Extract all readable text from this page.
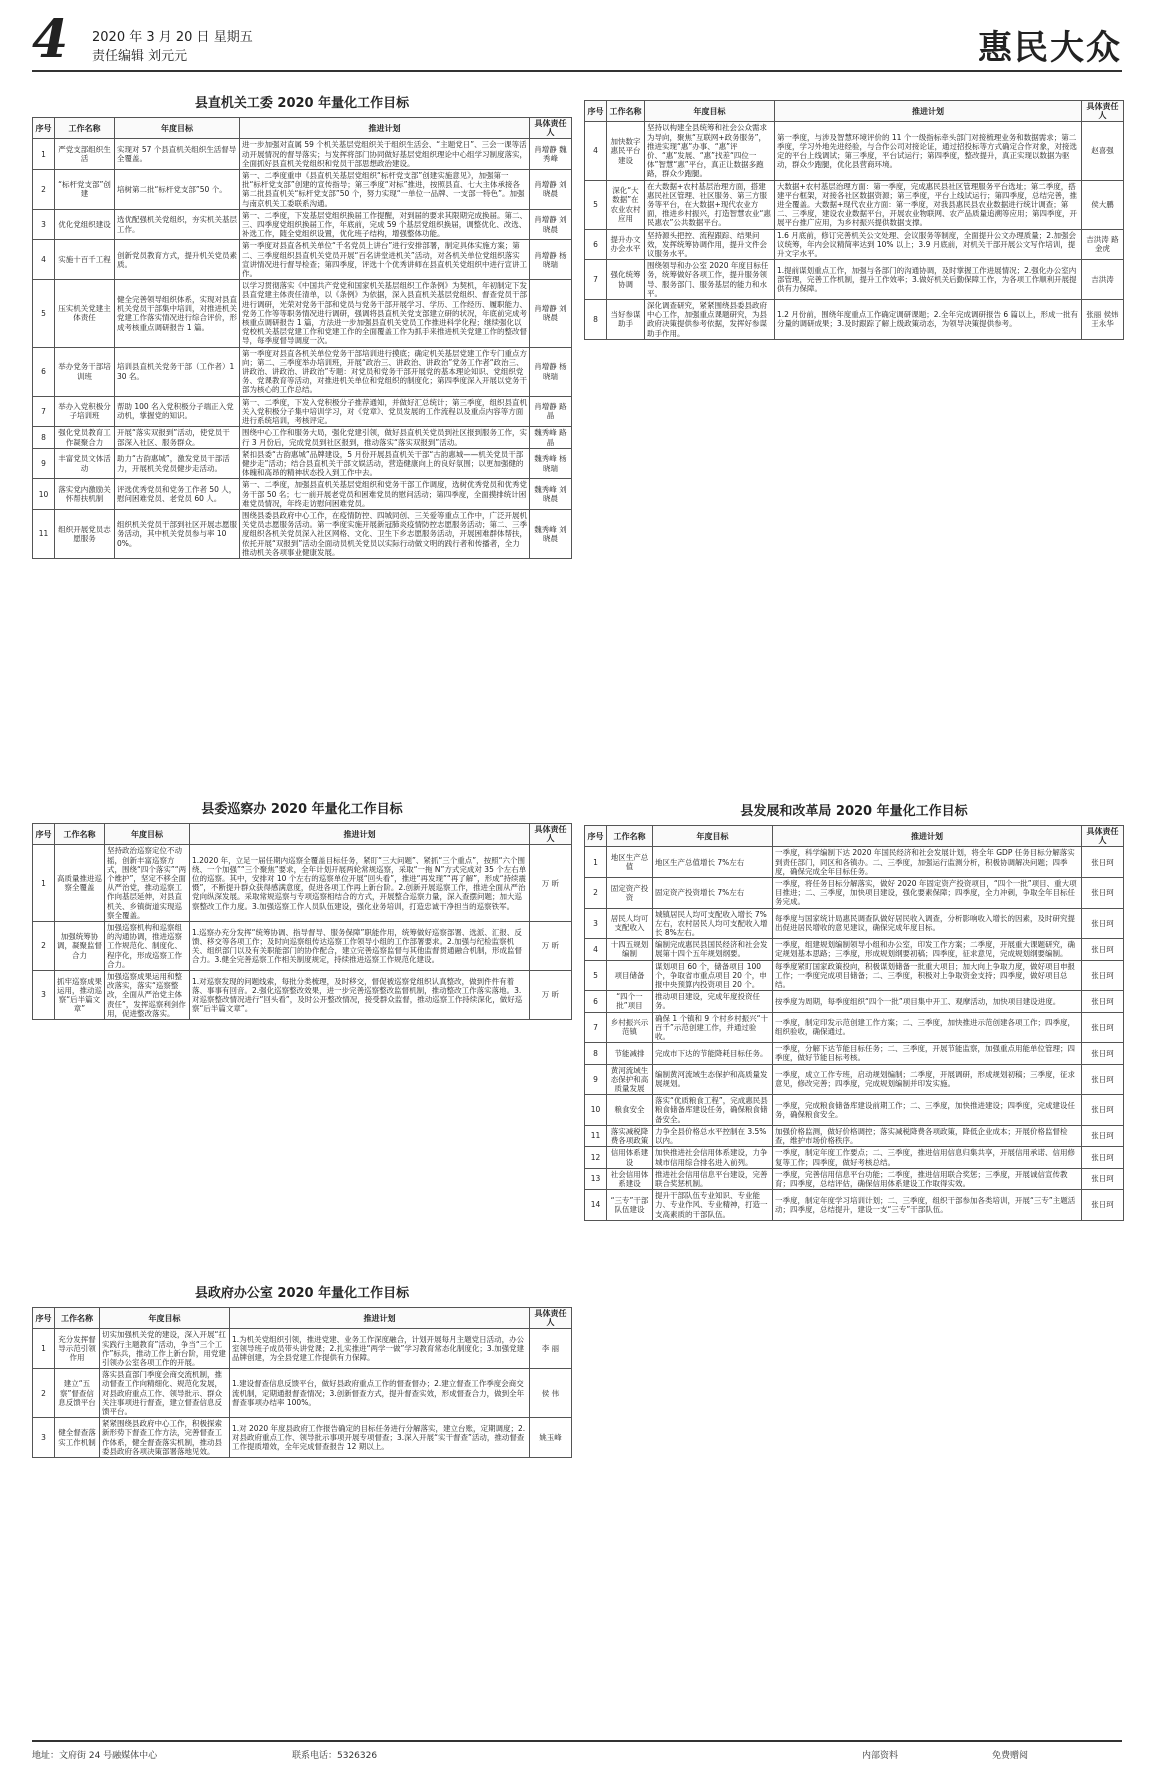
4 2020 年 3 月 20 日 星期五
责任编辑 刘元元	惠民大众
县直机关工委 2020 年量化工作目标
序号	工作名称	年度目标	推进计划	具体责任人
1	严党支部组织生活	实现对 57 个县直机关组织生活督导全覆盖。	进一步加强对直属 59 个机关基层党组织关于组织生活会、“主题党日”、三会一课等活动开展情况的督导落实；与发挥将部门协同做好基层党组织理论中心组学习制度落实，全面抓好县直机关党组织和党员干部思想政治建设。	肖增静 魏秀峰
2	“标杆党支部”创建	培树第二批“标杆党支部”50 个。	第一、二季度重申《县直机关基层党组织“标杆党支部”创建实施意见》，加强第一批“标杆党支部”创建的宣传指导；第三季度“对标”推进，按照县直、七大主体承接各第二批县直机关“标杆党支部”50 个，努力实现“一单位一品牌、一支部一特色”。加强与南京机关工委联系沟通。	肖增静 刘晓晨
3	优化党组织建设	选优配强机关党组织，夯实机关基层工作。	第一、二季度，下发基层党组织换届工作提醒，对到届的要求其限期完成换届。第二、三、四季度党组织换届工作，年底前，完成 59 个基层党组织换届，调整优化、改选、补选工作，随全党组织设置，优化班子结构，增强整体功能。	肖增静 刘晓晨
4	实施十百千工程	创新党员教育方式，提升机关党员素质。	第一季度对县直各机关单位“千名党员上讲台”进行安排部署，制定具体实施方案；第二、三季度组织县直机关党员开展“百名讲堂进机关”活动，对各机关单位党组织落实宣讲情况进行督导检查；第四季度，评选十个优秀讲师在县直机关党组织中进行宣讲工作。	肖增静 杨晓瑞
5	压实机关党建主体责任	健全完善领导组织体系，实现对县直机关党员干部集中培训，对推进机关党建工作落实情况进行综合评价，形成考核重点调研报告 1 篇。	以学习贯彻落实《中国共产党党和国家机关基层组织工作条例》为契机，年初制定下发县直党建主体责任清单，以《条例》为依据，深入县直机关基层党组织、督查党员干部进行调研，光荣对党务干部和党员与党务干部开展学习、学历、工作经历、履职能力、党务工作等等职务情况进行调研，强调将县直机关党支部建立研的状况，年底前完成考核重点调研报告 1 篇，方法进一步加强县直机关党员工作推进科学化程；继续强化以党校机关基层党建工作和党建工作的全面覆盖工作为抓手来推进机关党建工作的整改督导，每季度督导调度一次。	肖增静 刘晓晨
6	举办党务干部培训班	培训县直机关党务干部（工作者）130 名。	第一季度对县直各机关单位党务干部培训进行摸底；确定机关基层党建工作专门重点方向；第二、三季度举办培训班，开展“政治三、讲政治、讲政治”党务工作者“政治三、讲政治、讲政治、讲政治”专题：对党员和党务干部开展党的基本理论知识、党组织党务、党课教育等活动，对推进机关单位和党组织的制度化；第四季度深入开展以党务干部为核心的工作总结。	肖增静 杨晓瑞
7	举办入党积极分子培训班	帮助 100 名入党积极分子端正入党动机，掌握党的知识。	第一、二季度，下发入党积极分子推荐通知，并做好汇总统计；第三季度，组织县直机关入党积极分子集中培训学习，对《党章》、党员发展的工作流程以及重点内容等方面进行系统培训，考核评定。	肖增静 路晶
8	强化党员教育工作凝聚合力	开展“落实双报到”活动，使党员干部深入社区、服务群众。	围绕中心工作和服务大局，强化党建引领，做好县直机关党员到社区报到服务工作，实行 3 月份后，完成党员到社区报到，推动落实“落实双报到”活动。	魏秀峰 路晶
9	丰富党员文体活动	助力“古韵惠城”，激发党员干部活力，开展机关党员健步走活动。	紧扣县委“古韵惠城”品牌建设，5 月份开展县直机关干部“古韵惠城——机关党员干部健步走”活动；结合县直机关干部文娱活动，营造健康向上的良好氛围；以更加强健的体魄和高昂的精神状态投入到工作中去。	魏秀峰 杨晓瑞
10	落实党内激励关怀帮扶机制	评选优秀党员和党务工作者 50 人，慰问困难党员、老党员 60 人。	第一、二季度，加强县直机关基层党组织和党务干部工作调度，选树优秀党员和优秀党务干部 50 名；七一前开展老党员和困难党员的慰问活动；第四季度，全面摸排统计困难党员情况，年终走访慰问困难党员。	魏秀峰 刘晓晨
11	组织开展党员志愿服务	组织机关党员干部到社区开展志愿服务活动，其中机关党员参与率 100%。	围绕县委县政府中心工作，在疫情防控、四城同创、三关爱等重点工作中，广泛开展机关党员志愿服务活动。第一季度实施开展新冠肺炎疫情防控志愿服务活动；第二、三季度组织各机关党员深入社区网格、文化、卫生下乡志愿服务活动，开展困难群体帮扶，依托开展“双报到”活动全面动员机关党员以实际行动做文明的践行者和传播者，全力推动机关各项事业健康发展。	魏秀峰 刘晓晨
县委巡察办 2020 年量化工作目标
序号	工作名称	年度目标	推进计划	具体责任人
1	高质量推进巡察全覆盖	坚持政治巡察定位不动摇，创新丰富巡察方式，围绕“四个落实”“两个维护”，坚定不移全面从严治党，推动巡察工作向基层延伸，对县直机关、乡镇街道实现巡察全覆盖。	1.2020 年，立足一届任期内巡察全覆盖目标任务，紧盯“三大问题”、紧抓“三个重点”，按照“六个围绕、一个加强”“三个聚焦”要求，全年计划开展两轮常规巡察，采取“一拖 N”方式完成对 35 个左右单位的巡察。其中，安排对 10 个左右的巡察单位开展“回头看”，推进“再发现”“再了解”，形成“持续震慑”，不断提升群众获得感满意度，促进各项工作再上新台阶。2.创新开展巡察工作，推进全面从严治党向纵深发展。采取常规巡察与专项巡察相结合的方式，开展整合巡察力量，深入查摆问题；加大巡察整改工作力度。3.加强巡察工作人员队伍建设，强化业务培训，打造忠诚干净担当的巡察铁军。	万 昕
2	加强统筹协调，凝聚监督合力	加强巡察机构和巡察组的沟通协调，推进巡察工作规范化、制度化、程序化，形成巡察工作合力。	1.巡察办充分发挥“统筹协调、指导督导、服务保障”职能作用，统筹做好巡察部署、选派、汇报、反馈、移交等各项工作；及时向巡察组传达巡察工作领导小组的工作部署要求。2.加强与纪检监察机关、组织部门以及有关职能部门的协作配合，建立完善巡察监督与其他监督贯通融合机制，形成监督合力。3.健全完善巡察工作相关制度规定，持续推进巡察工作规范化建设。	万 昕
3	抓牢巡察成果运用，推动巡察“后半篇文章”	加强巡察成果运用和整改落实，落实“巡察整改，全面从严治党主体责任”，发挥巡察利剑作用，促进整改落实。	1.对巡察发现的问题线索，每批分类梳理，及时移交，督促被巡察党组织认真整改，做到件件有着落、事事有回音。2.强化巡察整改效果，进一步完善巡察整改监督机制，推动整改工作落实落地。3.对巡察整改情况进行“回头看”，及时公开整改情况，接受群众监督，推动巡察工作持续深化，做好巡察“后半篇文章”。	万 昕
县政府办公室 2020 年量化工作目标
序号	工作名称	年度目标	推进计划	具体责任人
1	充分发挥督导示范引领作用	切实加强机关党的建设，深入开展“扛实践行主题教育”活动，争当“三个工作”标兵，推动工作上新台阶，用党建引领办公室各项工作的开展。	1.为机关党组织引领，推进党建、业务工作深度融合，计划开展每月主题党日活动，办公室领导班子成员带头讲党课；2.扎实推进“两学一做”学习教育常态化制度化；3.加强党建品牌创建，为全县党建工作提供有力保障。	李 丽
2	建立“五察”督查信息反馈平台	落实县直部门季度会商交流机制，推动督查工作向精细化、规范化发展，对县政府重点工作、领导批示、群众关注事项进行督查，建立督查信息反馈平台。	1.建设督查信息反馈平台，做好县政府重点工作的督查督办；2.建立督查工作季度会商交流机制，定期通报督查情况；3.创新督查方式，提升督查实效，形成督查合力，做到全年督查事项办结率 100%。	侯 伟
3	健全督查落实工作机制	紧紧围绕县政府中心工作，积极探索新形势下督查工作方法，完善督查工作体系，健全督查落实机制，推动县委县政府各项决策部署落地见效。	1.对 2020 年度县政府工作报告确定的目标任务进行分解落实，建立台账，定期调度；2.对县政府重点工作、领导批示事项开展专项督查；3.深入开展“实干督查”活动，推动督查工作提质增效，全年完成督查报告 12 期以上。	姚玉峰
序号	工作名称	年度目标	推进计划	具体责任人
4	加快数字惠民平台建设	坚持以构建全县统筹和社会公众需求为导向，聚焦“互联网+政务服务”，推进实现“惠”办事、“惠”评价、“惠”发展、“惠”找差“四位一体”智慧“惠”平台，真正让数据多跑路，群众少跑腿。	第一季度，与涉及智慧环境评价的 11 个一级指标牵头部门对接梳理业务和数据需求；第二季度，学习外地先进经验，与合作公司对接论证，通过招投标等方式确定合作对象，对接选定的平台上线调试；第三季度，平台试运行；第四季度，整改提升，真正实现以数据为驱动，群众少跑腿，优化县营商环境。	赵喜强
5	深化“大数据”在农业农村应用	在大数据+农村基层治理方面，搭建惠民社区管理、社区服务、第三方服务等平台，在大数据+现代农业方面，推进乡村振兴，打造智慧农业“惠民惠农”公共数据平台。	大数据+农村基层治理方面：第一季度，完成惠民县社区管理服务平台选址；第二季度，搭建平台框架，对接各社区数据资源；第三季度，平台上线试运行；第四季度，总结完善，推进全覆盖。大数据+现代农业方面：第一季度，对我县惠民县农业数据进行统计调查；第二、三季度，建设农业数据平台，开展农业物联网、农产品质量追溯等应用；第四季度，开展平台推广应用，为乡村振兴提供数据支撑。	侯大鹏
6	提升办文办会水平	坚持源头把控、流程跟踪、结果问效，发挥统筹协调作用，提升文件会议服务水平。	1.6 月底前，修订完善机关公文处理、会议服务等制度，全面提升公文办理质量；2.加强会议统筹，年内会议精简率达到 10% 以上；3.9 月底前，对机关干部开展公文写作培训，提升文字水平。	吉洪涛 路金虎
7	强化统筹协调	围绕领导和办公室 2020 年度目标任务，统筹做好各项工作，提升服务领导、服务部门、服务基层的能力和水平。	1.提前谋划重点工作，加强与各部门的沟通协调，及时掌握工作进展情况；2.强化办公室内部管理，完善工作机制，提升工作效率；3.做好机关后勤保障工作，为各项工作顺利开展提供有力保障。	吉洪涛
8	当好参谋助手	深化调查研究，紧紧围绕县委县政府中心工作，加强重点课题研究，为县政府决策提供参考依据，发挥好参谋助手作用。	1.2 月份前，围绕年度重点工作确定调研课题；2.全年完成调研报告 6 篇以上，形成一批有分量的调研成果；3.及时跟踪了解上级政策动态，为领导决策提供参考。	张丽 侯炜 王永华
县发展和改革局 2020 年量化工作目标
序号	工作名称	年度目标	推进计划	具体责任人
1	地区生产总值	地区生产总值增长 7%左右	一季度，科学编制下达 2020 年国民经济和社会发展计划，将全年 GDP 任务目标分解落实到责任部门，同区和各镇办。二、三季度，加强运行监测分析，积极协调解决问题；四季度，确保完成全年目标任务。	张日珂
2	固定资产投资	固定资产投资增长 7%左右	一季度，将任务目标分解落实，做好 2020 年固定资产投资项目，“四个一批”项目、重大项目推进；二、三季度，加快项目建设，强化要素保障；四季度，全力冲刺，争取全年目标任务完成。	张日珂
3	居民人均可支配收入	城镇居民人均可支配收入增长 7%左右，农村居民人均可支配收入增长 8%左右。	每季度与国家统计局惠民调查队做好居民收入调查，分析影响收入增长的因素，及时研究提出促进居民增收的意见建议，确保完成年度目标。	张日珂
4	十四五规划编制	编制完成惠民县国民经济和社会发展第十四个五年规划纲要。	一季度，组建规划编制领导小组和办公室，印发工作方案；二季度，开展重大课题研究，确定规划基本思路；三季度，形成规划纲要初稿；四季度，征求意见，完成规划纲要编制。	张日珂
5	项目储备	谋划项目 60 个，储备项目 100 个，争取省市重点项目 20 个，申报中央预算内投资项目 20 个。	每季度紧盯国家政策投向，积极谋划储备一批重大项目；加大向上争取力度，做好项目申报工作；一季度完成项目储备；二、三季度，积极对上争取资金支持；四季度，做好项目总结。	张日珂
6	“四个一批”项目	推动项目建设，完成年度投资任务。	按季度为周期，每季度组织“四个一批”项目集中开工、观摩活动，加快项目建设进度。	张日珂
7	乡村振兴示范镇	确保 1 个镇和 9 个村乡村振兴“十百千”示范创建工作，并通过验收。	一季度，制定印发示范创建工作方案；二、三季度，加快推进示范创建各项工作；四季度，组织验收，确保通过。	张日珂
8	节能减排	完成市下达的节能降耗目标任务。	一季度，分解下达节能目标任务；二、三季度，开展节能监察，加强重点用能单位管理；四季度，做好节能目标考核。	张日珂
9	黄河流域生态保护和高质量发展	编制黄河流域生态保护和高质量发展规划。	一季度，成立工作专班，启动规划编制；二季度，开展调研，形成规划初稿；三季度，征求意见，修改完善；四季度，完成规划编制并印发实施。	张日珂
10	粮食安全	落实“优质粮食工程”，完成惠民县粮食储备库建设任务，确保粮食储备安全。	一季度，完成粮食储备库建设前期工作；二、三季度，加快推进建设；四季度，完成建设任务，确保粮食安全。	张日珂
11	落实减税降费各项政策	力争全县价格总水平控制在 3.5%以内。	加强价格监测，做好价格调控；落实减税降费各项政策，降低企业成本；开展价格监督检查，维护市场价格秩序。	张日珂
12	信用体系建设	加快推进社会信用体系建设，力争城市信用综合排名进入前列。	一季度，制定年度工作要点；二、三季度，推进信用信息归集共享，开展信用承诺、信用修复等工作；四季度，做好考核总结。	张日珂
13	社会信用体系建设	推进社会信用信息平台建设，完善联合奖惩机制。	一季度，完善信用信息平台功能；二季度，推进信用联合奖惩；三季度，开展诚信宣传教育；四季度，总结评估，确保信用体系建设工作取得实效。	张日珂
14	“三专”干部队伍建设	提升干部队伍专业知识、专业能力、专业作风、专业精神，打造一支高素质的干部队伍。	一季度，制定年度学习培训计划；二、三季度，组织干部参加各类培训，开展“三专”主题活动；四季度，总结提升，建设一支“三专”干部队伍。	张日珂
地址：文府街 24 号融媒体中心	联系电话：5326326	内部资料	免费赠阅
